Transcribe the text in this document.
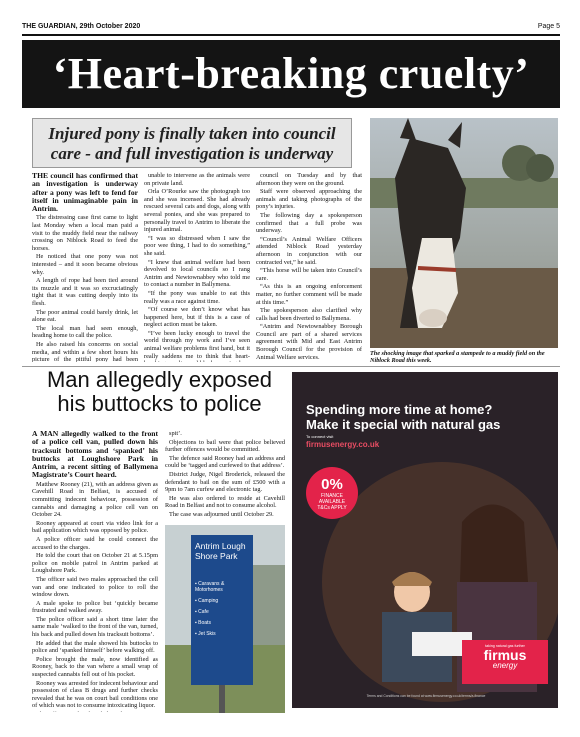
THE GUARDIAN, 29th October 2020	Page 5
‘Heart-breaking cruelty’
Injured pony is finally taken into council care - and full investigation is underway

THE council has confirmed that an investigation is underway after a pony was left to fend for itself in unimaginable pain in Antrim.

The distressing case first came to light last Monday when a local man paid a visit to the muddy field near the railway crossing on Niblock Road to feed the horses.

He noticed that one pony was not interested – and it soon became obvious why.

A length of rope had been tied around its muzzle and it was so excruciatingly tight that it was cutting deeply into its flesh.

The poor animal could barely drink, let alone eat.

The local man had seen enough, heading home to call the police.

He also raised his concerns on social media, and within a few short hours his picture of the pitiful pony had been

unable to intervene as the animals were on private land.

Orla O’Rourke saw the photograph too and she was incensed. She had already rescued several cats and dogs, along with several ponies, and she was prepared to personally travel to Antrim to liberate the injured animal.

“I was so distressed when I saw the poor wee thing, I had to do something,” she said.

“I knew that animal welfare had been devolved to local councils so I rang Antrim and Newtownabbey who told me to contact a number in Ballymena.

“If the pony was unable to eat this really was a race against time.

“Of course we don’t know what has happened here, but if this is a case of neglect action must be taken.

“I’ve been lucky enough to travel the world through my work and I’ve seen animal welfare problems first hand, but it really saddens me to think that heart-

council on Tuesday and by that afternoon they were on the ground.

Staff were observed approaching the animals and taking photographs of the pony’s injuries.

The following day a spokesperson confirmed that a full probe was underway.

“Council’s Animal Welfare Officers attended Niblock Road yesterday afternoon in conjunction with our contracted vet,” he said.

“This horse will be taken into Council’s care.

“As this is an ongoing enforcement matter, no further comment will be made at this time.”

The spokesperson also clarified why calls had been diverted to Ballymena.

“Antrim and Newtownabbey Borough Council are part of a shared services agreement with Mid and East Antrim Borough Council for the provision of Animal Welfare services.

The shocking image that sparked a stampede to a muddy field on the Niblock Road this week.
Man allegedly exposed his buttocks to police

A MAN allegedly walked to the front of a police cell van, pulled down his tracksuit bottoms and ‘spanked’ his buttocks at Loughshore Park in Antrim, a recent sitting of Ballymena Magistrate’s Court heard.

Matthew Rooney (21), with an address given as Cavehill Road in Belfast, is accused of committing indecent behaviour, possession of cannabis and damaging a police cell van on October 24.

Rooney appeared at court via video link for a bail application which was opposed by police.

A police officer said he could connect the accused to the charges.

He told the court that on October 21 at 5.15pm police on mobile patrol in Antrim parked at Loughshore Park.

The officer said two males approached the cell van and one indicated to police to roll the window down.

A male spoke to police but ‘quickly became frustrated and walked away.

The police officer said a short time later the same male ‘walked to the front of the van, turned, his back and pulled down his tracksuit bottoms’.

He added that the male showed his buttocks to police and ‘spanked himself’ before walking off.

Police brought the male, now identified as Rooney, back to the van where a small wrap of suspected cannabis fell out of his pocket.

Rooney was arrested for indecent behaviour and possession of class B drugs and further checks revealed that he was on court bail conditions one of which was not to consume intoxicating liquor.

spit’.

Objections to bail were that police believed further offences would be committed.

The defence said Rooney had an address and could be ‘tagged and curfewed to that address’.

District Judge, Nigel Broderick, released the defendant to bail on the sum of £500 with a 9pm to 7am curfew and electronic tag.

He was also ordered to reside at Cavehill Road in Belfast and not to consume alcohol.

The case was adjourned until October 29.

Antrim Lough Shore Park
▪ Caravans & Motorhomes
▪ Camping
▪ Cafe
▪ Boats
▪ Jet Skis
Spending more time at home?
Make it special with natural gas
To connect visit
firmusenergy.co.uk
0%
FINANCE
AVAILABLE
T&Cs APPLY
taking natural gas further
firmus
energy
Terms and Conditions can be found at www.firmusenergy.co.uk/terms/a-finance
